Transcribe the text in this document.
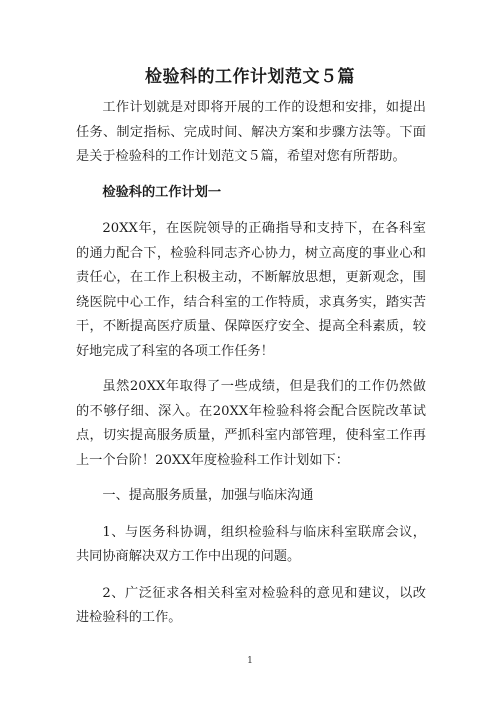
检验科的工作计划范文５篇

工作计划就是对即将开展的工作的设想和安排，如提出任务、制定指标、完成时间、解决方案和步骤方法等。下面是关于检验科的工作计划范文５篇，希望对您有所帮助。

检验科的工作计划一

20XX年，在医院领导的正确指导和支持下，在各科室的通力配合下，检验科同志齐心协力，树立高度的事业心和责任心，在工作上积极主动，不断解放思想，更新观念，围绕医院中心工作，结合科室的工作特质，求真务实，踏实苦干，不断提高医疗质量、保障医疗安全、提高全科素质，较好地完成了科室的各项工作任务！

虽然20XX年取得了一些成绩，但是我们的工作仍然做的不够仔细、深入。在20XX年检验科将会配合医院改革试点，切实提高服务质量，严抓科室内部管理，使科室工作再上一个台阶！20XX年度检验科工作计划如下：

一、提高服务质量，加强与临床沟通

1、与医务科协调，组织检验科与临床科室联席会议，共同协商解决双方工作中出现的问题。

2、广泛征求各相关科室对检验科的意见和建议，以改进检验科的工作。

1
